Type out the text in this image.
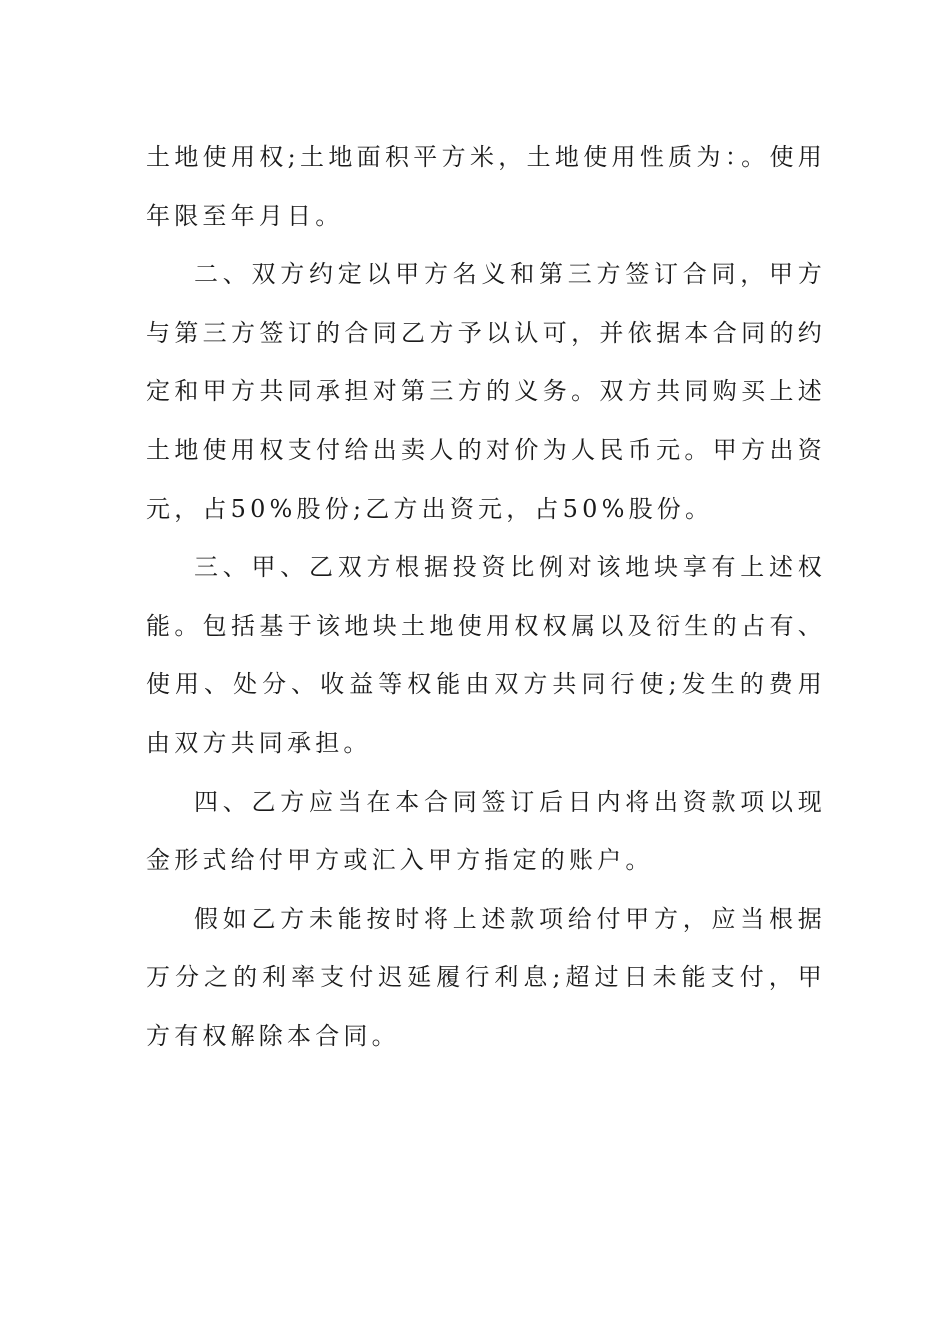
土地使用权;土地面积平方米，土地使用性质为：。使用年限至年月日。

二、双方约定以甲方名义和第三方签订合同，甲方与第三方签订的合同乙方予以认可，并依据本合同的约定和甲方共同承担对第三方的义务。双方共同购买上述土地使用权支付给出卖人的对价为人民币元。甲方出资元，占50%股份;乙方出资元，占50%股份。

三、甲、乙双方根据投资比例对该地块享有上述权能。包括基于该地块土地使用权权属以及衍生的占有、使用、处分、收益等权能由双方共同行使;发生的费用由双方共同承担。

四、乙方应当在本合同签订后日内将出资款项以现金形式给付甲方或汇入甲方指定的账户。

假如乙方未能按时将上述款项给付甲方，应当根据万分之的利率支付迟延履行利息;超过日未能支付，甲方有权解除本合同。
